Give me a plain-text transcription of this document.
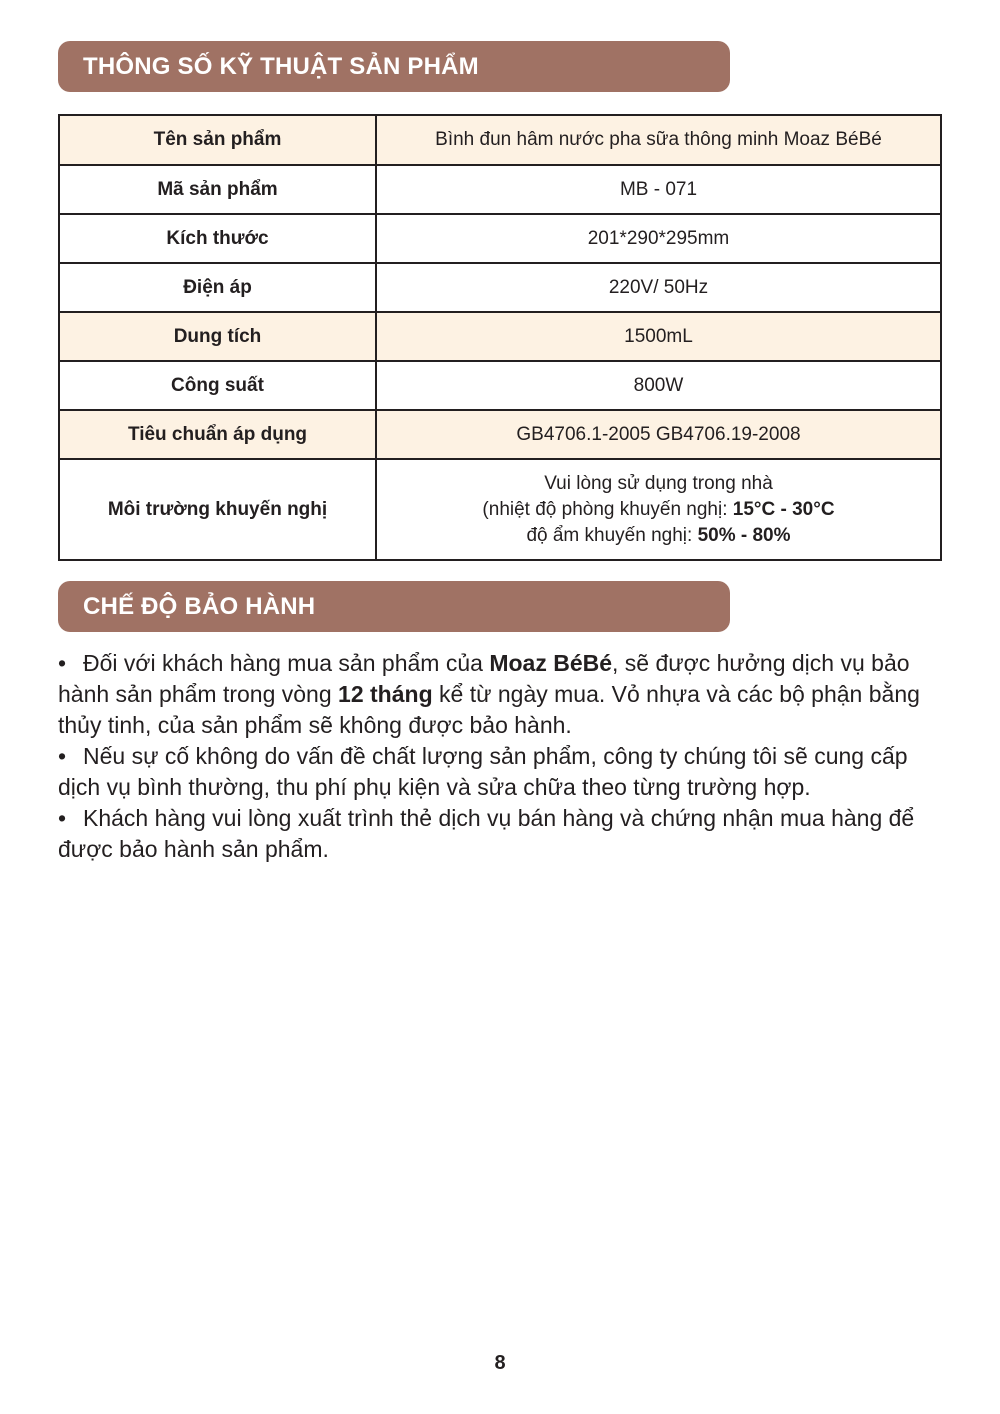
THÔNG SỐ KỸ THUẬT SẢN PHẨM
Tên sản phẩm	Bình đun hâm nước pha sữa thông minh Moaz BéBé
Mã sản phẩm	MB - 071
Kích thước	201*290*295mm
Điện áp	220V/ 50Hz
Dung tích	1500mL
Công suất	800W
Tiêu chuẩn áp dụng	GB4706.1-2005 GB4706.19-2008
Môi trường khuyến nghị	Vui lòng sử dụng trong nhà
(nhiệt độ phòng khuyến nghị: 15°C - 30°C
độ ẩm khuyến nghị: 50% - 80%
CHẾ ĐỘ BẢO HÀNH

• Đối với khách hàng mua sản phẩm của Moaz BéBé, sẽ được hưởng dịch vụ bảo hành sản phẩm trong vòng 12 tháng kể từ ngày mua. Vỏ nhựa và các bộ phận bằng thủy tinh, của sản phẩm sẽ không được bảo hành.

• Nếu sự cố không do vấn đề chất lượng sản phẩm, công ty chúng tôi sẽ cung cấp dịch vụ bình thường, thu phí phụ kiện và sửa chữa theo từng trường hợp.

• Khách hàng vui lòng xuất trình thẻ dịch vụ bán hàng và chứng nhận mua hàng để được bảo hành sản phẩm.

8
